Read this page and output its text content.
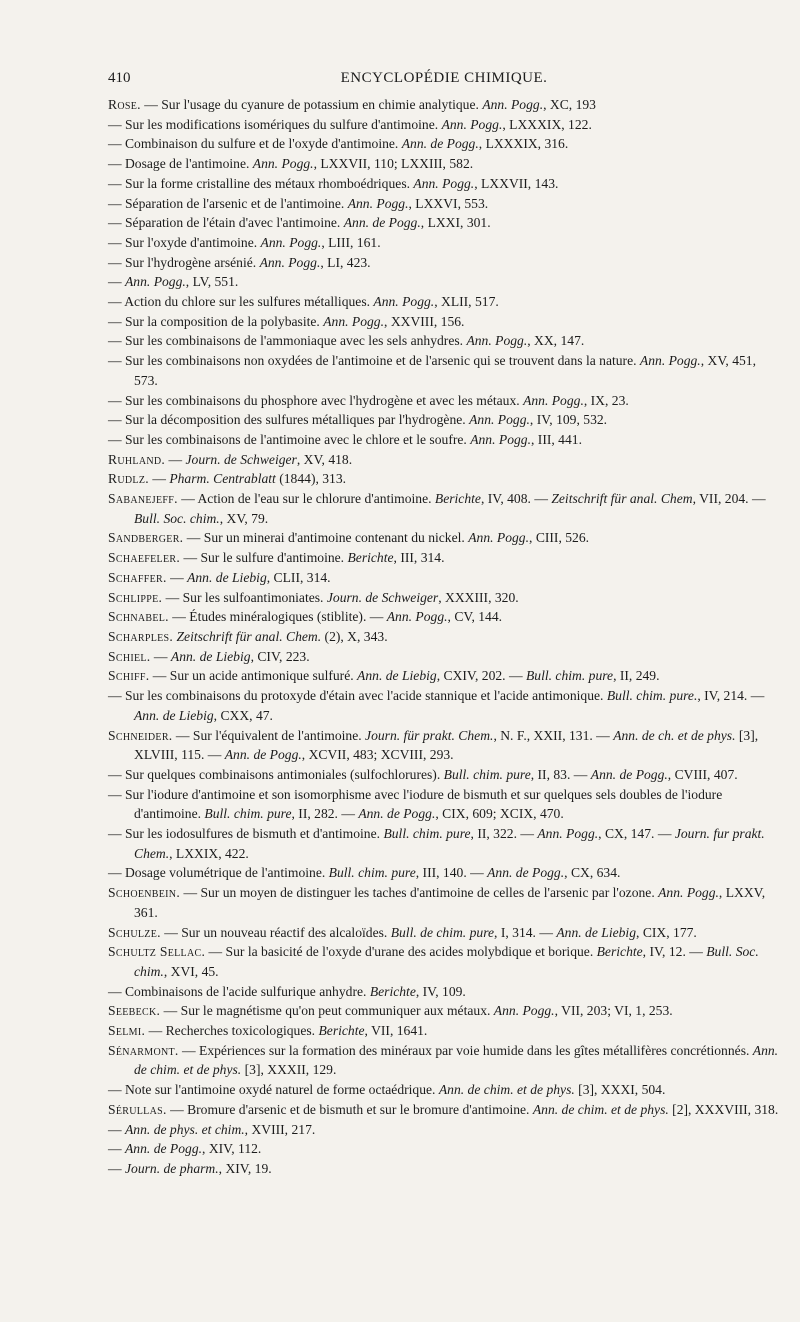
410	ENCYCLOPÉDIE CHIMIQUE.
Rose. — Sur l'usage du cyanure de potassium en chimie analytique. Ann. Pogg., XC, 193
— Sur les modifications isomériques du sulfure d'antimoine. Ann. Pogg., LXXXIX, 122.
— Combinaison du sulfure et de l'oxyde d'antimoine. Ann. de Pogg., LXXXIX, 316.
— Dosage de l'antimoine. Ann. Pogg., LXXVII, 110; LXXIII, 582.
— Sur la forme cristalline des métaux rhomboédriques. Ann. Pogg., LXXVII, 143.
— Séparation de l'arsenic et de l'antimoine. Ann. Pogg., LXXVI, 553.
— Séparation de l'étain d'avec l'antimoine. Ann. de Pogg., LXXI, 301.
— Sur l'oxyde d'antimoine. Ann. Pogg., LIII, 161.
— Sur l'hydrogène arsénié. Ann. Pogg., LI, 423.
— Ann. Pogg., LV, 551.
— Action du chlore sur les sulfures métalliques. Ann. Pogg., XLII, 517.
— Sur la composition de la polybasite. Ann. Pogg., XXVIII, 156.
— Sur les combinaisons de l'ammoniaque avec les sels anhydres. Ann. Pogg., XX, 147.
— Sur les combinaisons non oxydées de l'antimoine et de l'arsenic qui se trouvent dans la nature. Ann. Pogg., XV, 451, 573.
— Sur les combinaisons du phosphore avec l'hydrogène et avec les métaux. Ann. Pogg., IX, 23.
— Sur la décomposition des sulfures métalliques par l'hydrogène. Ann. Pogg., IV, 109, 532.
— Sur les combinaisons de l'antimoine avec le chlore et le soufre. Ann. Pogg., III, 441.
Ruhland. — Journ. de Schweiger, XV, 418.
Rudlz. — Pharm. Centrablatt (1844), 313.
Sabanejeff. — Action de l'eau sur le chlorure d'antimoine. Berichte, IV, 408. — Zeitschrift für anal. Chem, VII, 204. — Bull. Soc. chim., XV, 79.
Sandberger. — Sur un minerai d'antimoine contenant du nickel. Ann. Pogg., CIII, 526.
Schaefeler. — Sur le sulfure d'antimoine. Berichte, III, 314.
Schaffer. — Ann. de Liebig, CLII, 314.
Schlippe. — Sur les sulfoantimoniates. Journ. de Schweiger, XXXIII, 320.
Schnabel. — Études minéralogiques (stiblite). — Ann. Pogg., CV, 144.
Scharples. Zeitschrift für anal. Chem. (2), X, 343.
Schiel. — Ann. de Liebig, CIV, 223.
Schiff. — Sur un acide antimonique sulfuré. Ann. de Liebig, CXIV, 202. — Bull. chim. pure, II, 249.
— Sur les combinaisons du protoxyde d'étain avec l'acide stannique et l'acide antimonique. Bull. chim. pure., IV, 214. — Ann. de Liebig, CXX, 47.
Schneider. — Sur l'équivalent de l'antimoine. Journ. für prakt. Chem., N. F., XXII, 131. — Ann. de ch. et de phys. [3], XLVIII, 115. — Ann. de Pogg., XCVII, 483; XCVIII, 293.
— Sur quelques combinaisons antimoniales (sulfochlorures). Bull. chim. pure, II, 83. — Ann. de Pogg., CVIII, 407.
— Sur l'iodure d'antimoine et son isomorphisme avec l'iodure de bismuth et sur quelques sels doubles de l'iodure d'antimoine. Bull. chim. pure, II, 282. — Ann. de Pogg., CIX, 609; XCIX, 470.
— Sur les iodosulfures de bismuth et d'antimoine. Bull. chim. pure, II, 322. — Ann. Pogg., CX, 147. — Journ. fur prakt. Chem., LXXIX, 422.
— Dosage volumétrique de l'antimoine. Bull. chim. pure, III, 140. — Ann. de Pogg., CX, 634.
Schoenbein. — Sur un moyen de distinguer les taches d'antimoine de celles de l'arsenic par l'ozone. Ann. Pogg., LXXV, 361.
Schulze. — Sur un nouveau réactif des alcaloïdes. Bull. de chim. pure, I, 314. — Ann. de Liebig, CIX, 177.
Schultz Sellac. — Sur la basicité de l'oxyde d'urane des acides molybdique et borique. Berichte, IV, 12. — Bull. Soc. chim., XVI, 45.
— Combinaisons de l'acide sulfurique anhydre. Berichte, IV, 109.
Seebeck. — Sur le magnétisme qu'on peut communiquer aux métaux. Ann. Pogg., VII, 203; VI, 1, 253.
Selmi. — Recherches toxicologiques. Berichte, VII, 1641.
Sénarmont. — Expériences sur la formation des minéraux par voie humide dans les gîtes métallifères concrétionnés. Ann. de chim. et de phys. [3], XXXII, 129.
— Note sur l'antimoine oxydé naturel de forme octaédrique. Ann. de chim. et de phys. [3], XXXI, 504.
Sérullas. — Bromure d'arsenic et de bismuth et sur le bromure d'antimoine. Ann. de chim. et de phys. [2], XXXVIII, 318.
— Ann. de phys. et chim., XVIII, 217.
— Ann. de Pogg., XIV, 112.
— Journ. de pharm., XIV, 19.
